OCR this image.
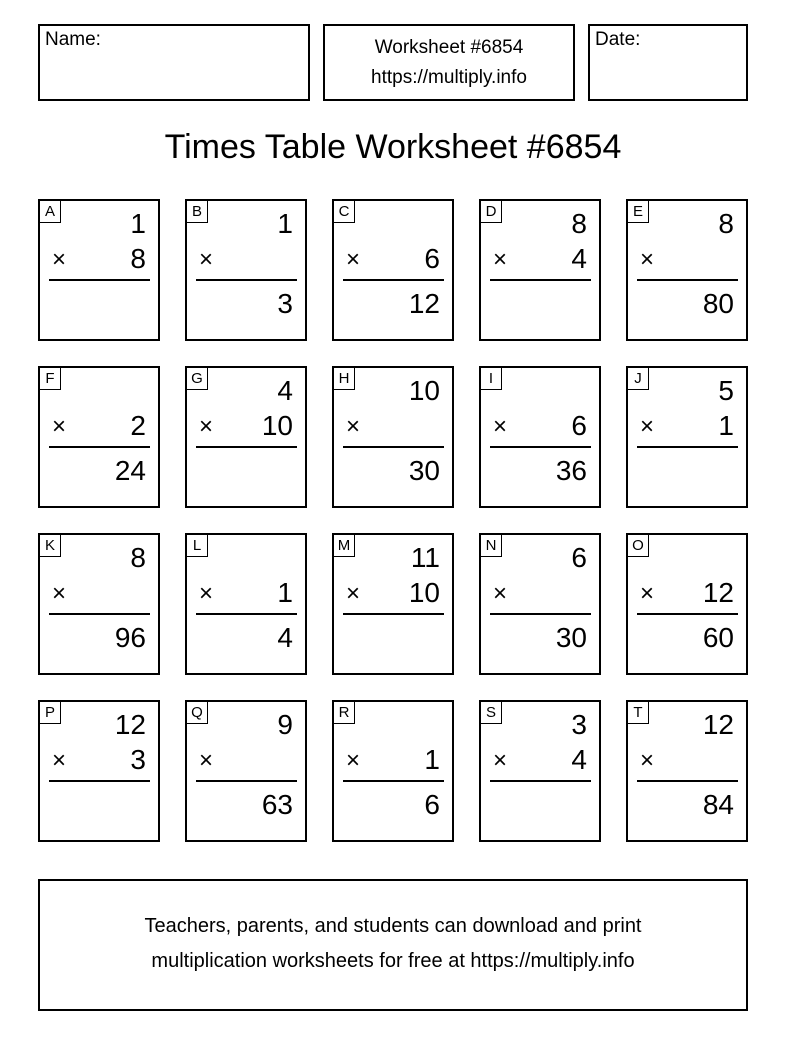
Name:	Worksheet #6854
https://multiply.info
Date:
Times Table Worksheet #6854
A	1
× 8
B	1
×
3
C
× 6
12
D	8
× 4
E	8
×
80
F
× 2
24
G	4
× 10
H 10
×
30
I
× 6
36
J	5
× 1
K	8
×
96
L
× 1
4
M 11
× 10
N	6
×
30
O
× 12
60
P 12
× 3
Q	9
×
63
R
× 1
6
S	3
× 4
T 12
×
84
Teachers, parents, and students can download and print
multiplication worksheets for free at https://multiply.info
